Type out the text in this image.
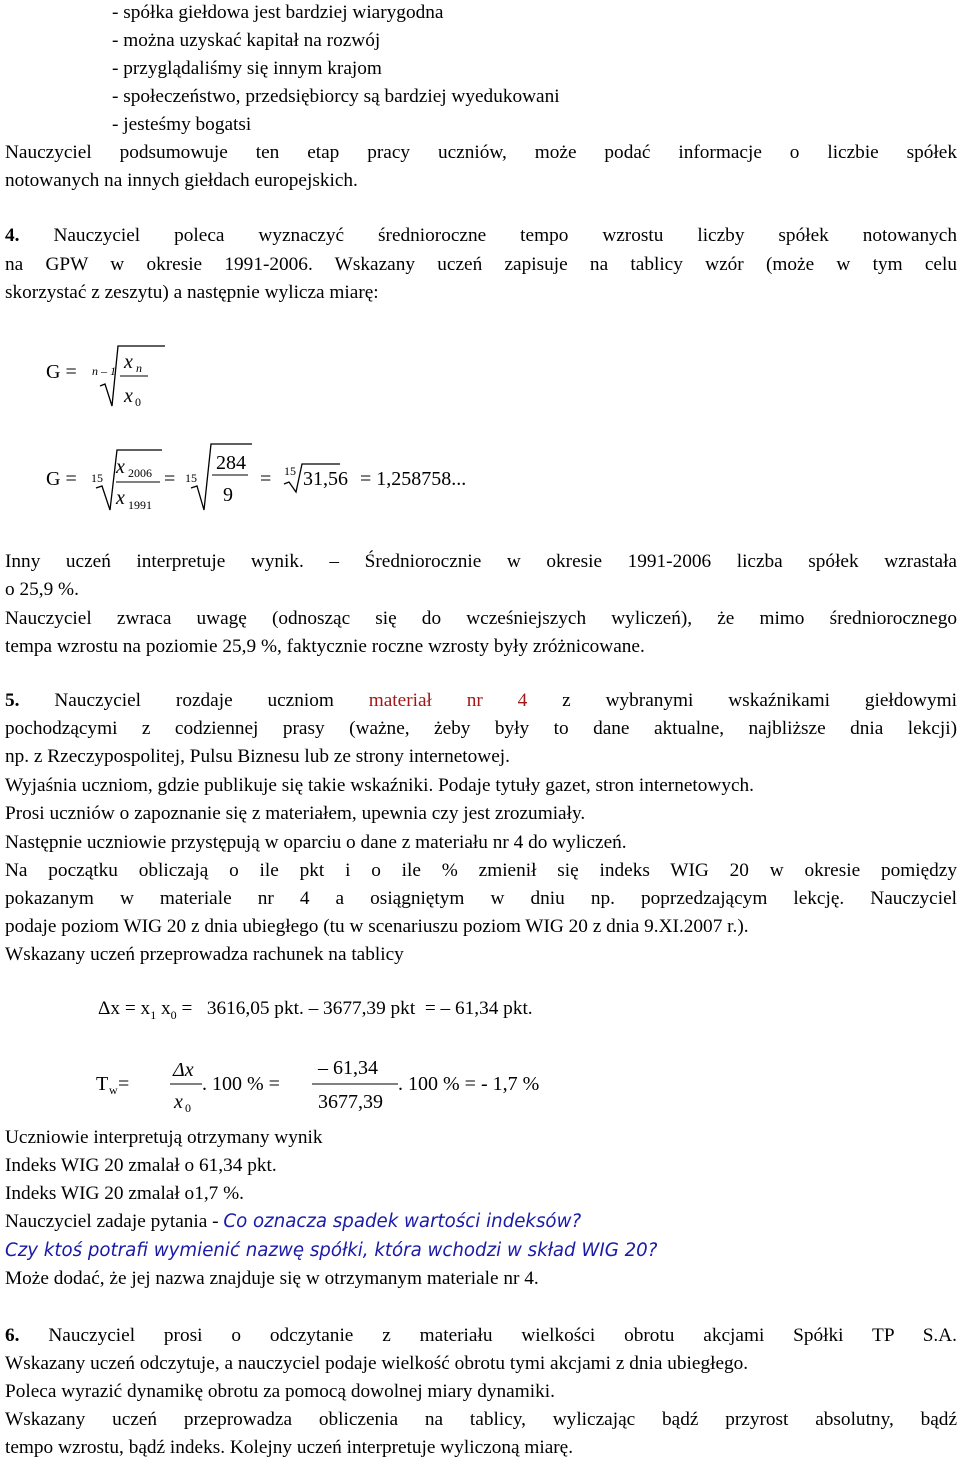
- spółka giełdowa jest bardziej wiarygodna
- można uzyskać kapitał na rozwój
- przyglądaliśmy się innym krajom
- społeczeństwo, przedsiębiorcy są bardziej wyedukowani
- jesteśmy bogatsi
Nauczyciel podsumowuje ten etap pracy uczniów, może podać informacje o liczbie spółek
notowanych na innych giełdach europejskich.
4. Nauczyciel poleca wyznaczyć średnioroczne tempo wzrostu liczby spółek notowanych
na GPW w okresie 1991-2006. Wskazany uczeń zapisuje na tablicy wzór (może w tym celu
skorzystać z zeszytu) a następnie wylicza miarę:
G = n – 1 x n
x 0
G = 15 x 2006
x 1991
= 15
284
9
= 15 31,56 = 1,258758...
Inny uczeń interpretuje wynik. – Średniorocznie w okresie 1991-2006 liczba spółek wzrastała
o 25,9 %.
Nauczyciel zwraca uwagę (odnosząc się do wcześniejszych wyliczeń), że mimo średniorocznego
tempa wzrostu na poziomie 25,9 %, faktycznie roczne wzrosty były zróżnicowane.
5. Nauczyciel rozdaje uczniom materiał nr 4 z wybranymi wskaźnikami giełdowymi
pochodzącymi z codziennej prasy (ważne, żeby były to dane aktualne, najbliższe dnia lekcji)
np. z Rzeczypospolitej, Pulsu Biznesu lub ze strony internetowej.
Wyjaśnia uczniom, gdzie publikuje się takie wskaźniki. Podaje tytuły gazet, stron internetowych.
Prosi uczniów o zapoznanie się z materiałem, upewnia czy jest zrozumiały.
Następnie uczniowie przystępują w oparciu o dane z materiału nr 4 do wyliczeń.
Na początku obliczają o ile pkt i o ile % zmienił się indeks WIG 20 w okresie pomiędzy
pokazanym w materiale nr 4 a osiągniętym w dniu np. poprzedzającym lekcję. Nauczyciel
podaje poziom WIG 20 z dnia ubiegłego (tu w scenariuszu poziom WIG 20 z dnia 9.XI.2007 r.).
Wskazany uczeń przeprowadza rachunek na tablicy
$\Delta x = x_1$ $x_0 = 3616,05$ pkt. – 3677,39 pkt  = – 61,34 pkt.
T w =
Δx
x 0
. 100 % =
– 61,34
3677,39
. 100 % = - 1,7 %
Uczniowie interpretują otrzymany wynik
Indeks WIG 20 zmalał o 61,34 pkt.
Indeks WIG 20 zmalał o1,7 %.
Nauczyciel zadaje pytania - Co oznacza spadek wartości indeksów?
Czy ktoś potrafi wymienić nazwę spółki, która wchodzi w skład WIG 20?
Może dodać, że jej nazwa znajduje się w otrzymanym materiale nr 4.
6. Nauczyciel prosi o odczytanie z materiału wielkości obrotu akcjami Spółki TP S.A.
Wskazany uczeń odczytuje, a nauczyciel podaje wielkość obrotu tymi akcjami z dnia ubiegłego.
Poleca wyrazić dynamikę obrotu za pomocą dowolnej miary dynamiki.
Wskazany uczeń przeprowadza obliczenia na tablicy, wyliczając bądź przyrost absolutny, bądź
tempo wzrostu, bądź indeks. Kolejny uczeń interpretuje wyliczoną miarę.
